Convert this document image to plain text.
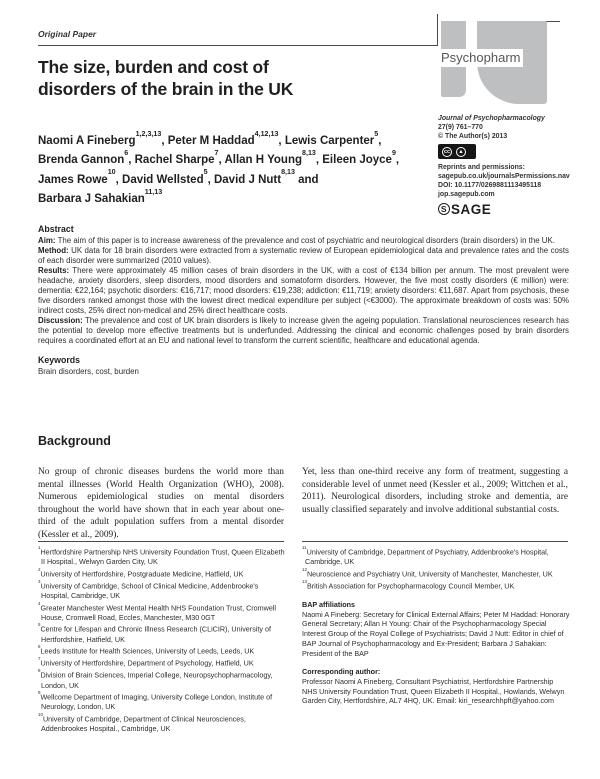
Original Paper
The size, burden and cost of
disorders of the brain in the UK
Naomi A Fineberg$^{1,2,3,13}$, Peter M Haddad$^{4,12,13}$, Lewis Carpenter$^5$,
Brenda Gannon$^6$, Rachel Sharpe$^7$, Allan H Young$^{8,13}$, Eileen Joyce$^9$,
James Rowe$^{10}$, David Wellsted$^5$, David J Nutt$^{8,13}$ and
Barbara J Sahakian$^{11,13}$
Psychopharm
Journal of Psychopharmacology
27(9) 761–770
© The Author(s) 2013
cc	▲
BY
Reprints and permissions:
sagepub.co.uk/journalsPermissions.nav
DOI: 10.1177/0269881113495118
jop.sagepub.com
S SAGE
Abstract

Aim: The aim of this paper is to increase awareness of the prevalence and cost of psychiatric and neurological disorders (brain disorders) in the UK.

Method: UK data for 18 brain disorders were extracted from a systematic review of European epidemiological data and prevalence rates and the costs of each disorder were summarized (2010 values).

Results: There were approximately 45 million cases of brain disorders in the UK, with a cost of €134 billion per annum. The most prevalent were headache, anxiety disorders, sleep disorders, mood disorders and somatoform disorders. However, the five most costly disorders (€ million) were: dementia: €22,164; psychotic disorders: €16,717; mood disorders: €19,238; addiction: €11,719; anxiety disorders: €11,687. Apart from psychosis, these five disorders ranked amongst those with the lowest direct medical expenditure per subject (<€3000). The approximate breakdown of costs was: 50% indirect costs, 25% direct non-medical and 25% direct healthcare costs.

Discussion: The prevalence and cost of UK brain disorders is likely to increase given the ageing population. Translational neurosciences research has the potential to develop more effective treatments but is underfunded. Addressing the clinical and economic challenges posed by brain disorders requires a coordinated effort at an EU and national level to transform the current scientific, healthcare and educational agenda.

Keywords

Brain disorders, cost, burden

Background

No group of chronic diseases burdens the world more than mental illnesses (World Health Organization (WHO), 2008). Numerous epidemiological studies on mental disorders throughout the world have shown that in each year about one-third of the adult population suffers from a mental disorder (Kessler et al., 2009).

Yet, less than one-third receive any form of treatment, suggesting a considerable level of unmet need (Kessler et al., 2009; Wittchen et al., 2011). Neurological disorders, including stroke and dementia, are usually classified separately and involve additional substantial costs.

$^1$Hertfordshire Partnership NHS University Foundation Trust, Queen Elizabeth II Hospital., Welwyn Garden City, UK
$^2$University of Hertfordshire, Postgraduate Medicine, Hatfield, UK
$^3$University of Cambridge, School of Clinical Medicine, Addenbrooke's Hospital, Cambridge, UK
$^4$Greater Manchester West Mental Health NHS Foundation Trust, Cromwell House, Cromwell Road, Eccles, Manchester, M30 0GT
$^5$Centre for Lifespan and Chronic Illness Research (CLiCIR), University of Hertfordshire, Hatfield, UK
$^6$Leeds Institute for Health Sciences, University of Leeds, Leeds, UK
$^7$University of Hertfordshire, Department of Psychology, Hatfield, UK
$^8$Division of Brain Sciences, Imperial College, Neuropsychopharmacology, London, UK
$^9$Wellcome Department of Imaging, University College London, Institute of Neurology, London, UK
$^{10}$University of Cambridge, Department of Clinical Neurosciences, Addenbrookes Hospital., Cambridge, UK
$^{11}$University of Cambridge, Department of Psychiatry, Addenbrooke's Hospital, Cambridge, UK
$^{12}$Neuroscience and Psychiatry Unit, University of Manchester, Manchester, UK
$^{13}$British Association for Psychopharmacology Council Member, UK
BAP affiliations
Naomi A Fineberg: Secretary for Clinical External Affairs; Peter M Haddad: Honorary General Secretary; Allan H Young: Chair of the Psychopharmacology Special Interest Group of the Royal College of Psychiatrists; David J Nutt: Editor in chief of BAP Journal of Psychopharmacology and Ex-President; Barbara J Sahakian: President of the BAP
Corresponding author:
Professor Naomi A Fineberg, Consultant Psychiatrist, Hertfordshire Partnership NHS University Foundation Trust, Queen Elizabeth II Hospital., Howlands, Welwyn Garden City, Hertfordshire, AL7 4HQ, UK. Email: kiri_researchhpft@yahoo.com
